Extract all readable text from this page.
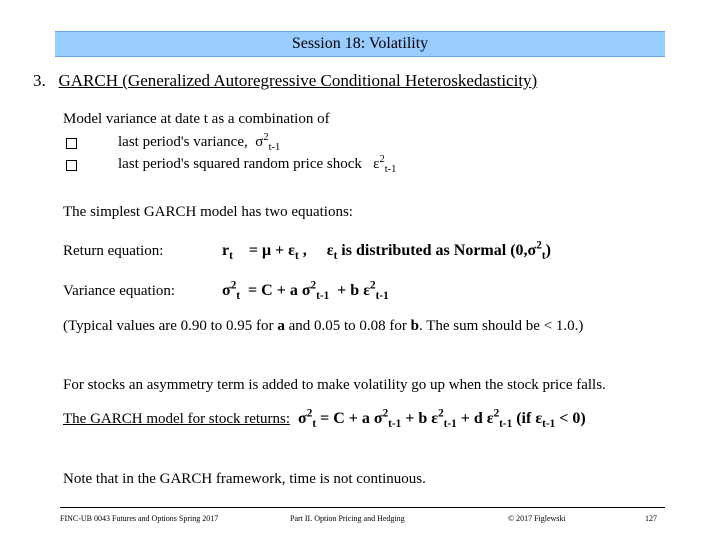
Session 18: Volatility
3. GARCH (Generalized Autoregressive Conditional Heteroskedasticity)
Model variance at date t as a combination of
last period's variance, $\sigma^2_{t-1}$
last period's squared random price shock $\varepsilon^2_{t-1}$
The simplest GARCH model has two equations:
Return equation:	$r_t = \mu + \varepsilon_t$ , $\varepsilon_t$ is distributed as Normal $(0,\sigma^2_t)$
Variance equation:	$\sigma^2_t = C + a$ $\sigma^2_{t-1} + b$ $\varepsilon^2_{t-1}$
(Typical values are 0.90 to 0.95 for a and 0.05 to 0.08 for b. The sum should be < 1.0.)
For stocks an asymmetry term is added to make volatility go up when the stock price falls.
The GARCH model for stock returns: $\sigma^2_t = C + a$ $\sigma^2_{t-1} + b$ $\varepsilon^2_{t-1} + d$ $\varepsilon^2_{t-1}$ (if $\varepsilon_{t-1} < 0$)
Note that in the GARCH framework, time is not continuous.
FINC-UB 0043 Futures and Options Spring 2017	Part II. Option Pricing and Hedging	© 2017 Figlewski	127
